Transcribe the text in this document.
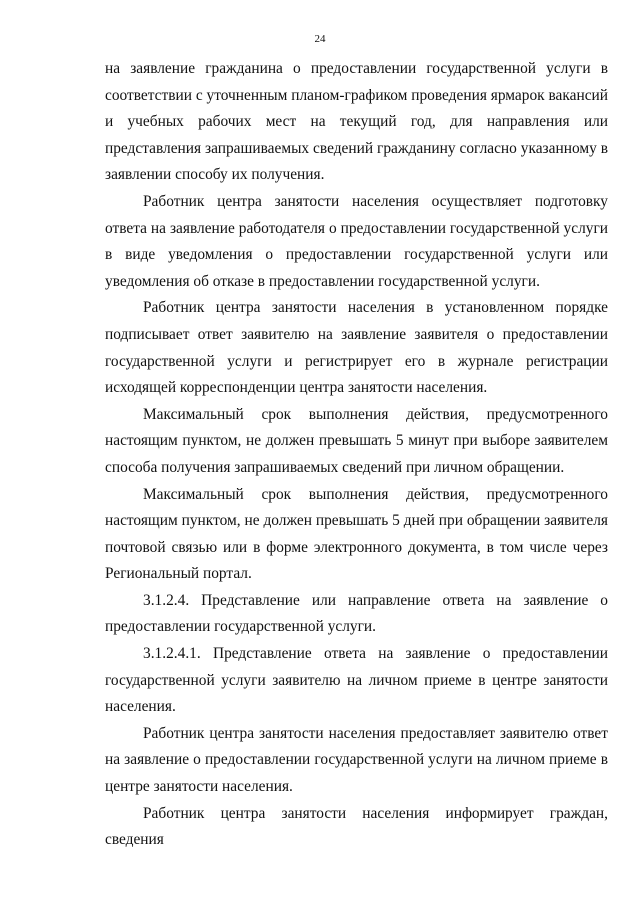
24

на заявление гражданина о предоставлении государственной услуги в соответствии с уточненным планом-графиком проведения ярмарок вакансий и учебных рабочих мест на текущий год, для направления или представления запрашиваемых сведений гражданину согласно указанному в заявлении способу их получения.

Работник центра занятости населения осуществляет подготовку ответа на заявление работодателя о предоставлении государственной услуги в виде уведомления о предоставлении государственной услуги или уведомления об отказе в предоставлении государственной услуги.

Работник центра занятости населения в установленном порядке подписывает ответ заявителю на заявление заявителя о предоставлении государственной услуги и регистрирует его в журнале регистрации исходящей корреспонденции центра занятости населения.

Максимальный срок выполнения действия, предусмотренного настоящим пунктом, не должен превышать 5 минут при выборе заявителем способа получения запрашиваемых сведений при личном обращении.

Максимальный срок выполнения действия, предусмотренного настоящим пунктом, не должен превышать 5 дней при обращении заявителя почтовой связью или в форме электронного документа, в том числе через Региональный портал.

3.1.2.4. Представление или направление ответа на заявление о предоставлении государственной услуги.

3.1.2.4.1. Представление ответа на заявление о предоставлении государственной услуги заявителю на личном приеме в центре занятости населения.

Работник центра занятости населения предоставляет заявителю ответ на заявление о предоставлении государственной услуги на личном приеме в центре занятости населения.

Работник центра занятости населения информирует граждан, сведения
